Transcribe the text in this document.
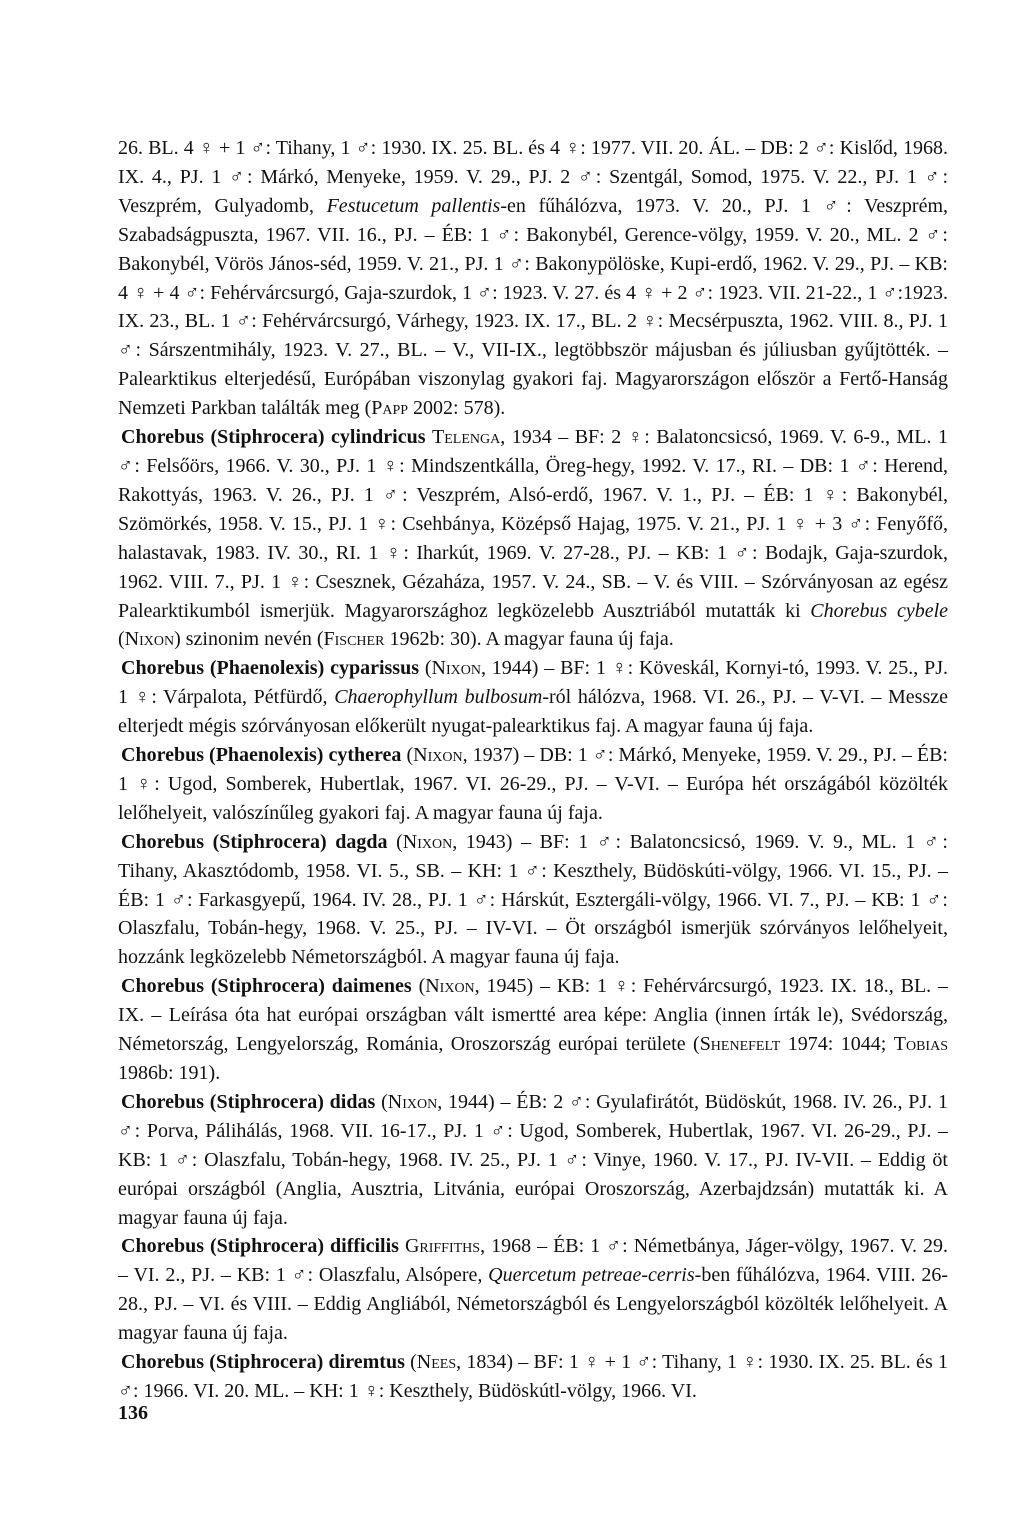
26. BL. 4 ♀ + 1 ♂: Tihany, 1 ♂: 1930. IX. 25. BL. és 4 ♀: 1977. VII. 20. ÁL. – DB: 2 ♂: Kislőd, 1968. IX. 4., PJ. 1 ♂: Márkó, Menyeke, 1959. V. 29., PJ. 2 ♂: Szentgál, Somod, 1975. V. 22., PJ. 1 ♂: Veszprém, Gulyadomb, Festucetum pallentis-en fűhálózva, 1973. V. 20., PJ. 1 ♂: Veszprém, Szabadságpuszta, 1967. VII. 16., PJ. – ÉB: 1 ♂: Bakonybél, Gerence-völgy, 1959. V. 20., ML. 2 ♂: Bakonybél, Vörös János-séd, 1959. V. 21., PJ. 1 ♂: Bakonypölöske, Kupi-erdő, 1962. V. 29., PJ. – KB: 4 ♀ + 4 ♂: Fehérvárcsurgó, Gaja-szurdok, 1 ♂: 1923. V. 27. és 4 ♀ + 2 ♂: 1923. VII. 21-22., 1 ♂:1923. IX. 23., BL. 1 ♂: Fehérvárcsurgó, Várhegy, 1923. IX. 17., BL. 2 ♀: Mecsérpuszta, 1962. VIII. 8., PJ. 1 ♂: Sárszentmihály, 1923. V. 27., BL. – V., VII-IX., legtöbbször májusban és júliusban gyűjtötték. – Palearktikus elterjedésű, Európában viszonylag gyakori faj. Magyarországon először a Fertő-Hanság Nemzeti Parkban találták meg (Papp 2002: 578).

Chorebus (Stiphrocera) cylindricus Telenga, 1934 – BF: 2 ♀: Balatoncsicsó, 1969. V. 6-9., ML. 1 ♂: Felsőörs, 1966. V. 30., PJ. 1 ♀: Mindszentkálla, Öreg-hegy, 1992. V. 17., RI. – DB: 1 ♂: Herend, Rakottyás, 1963. V. 26., PJ. 1 ♂: Veszprém, Alsó-erdő, 1967. V. 1., PJ. – ÉB: 1 ♀: Bakonybél, Szömörkés, 1958. V. 15., PJ. 1 ♀: Csehbánya, Középső Hajag, 1975. V. 21., PJ. 1 ♀ + 3 ♂: Fenyőfő, halastavak, 1983. IV. 30., RI. 1 ♀: Iharkút, 1969. V. 27-28., PJ. – KB: 1 ♂: Bodajk, Gaja-szurdok, 1962. VIII. 7., PJ. 1 ♀: Csesznek, Gézaháza, 1957. V. 24., SB. – V. és VIII. – Szórványosan az egész Palearktikumból ismerjük. Magyarországhoz legközelebb Ausztriából mutatták ki Chorebus cybele (Nixon) szinonim nevén (Fischer 1962b: 30). A magyar fauna új faja.

Chorebus (Phaenolexis) cyparissus (Nixon, 1944) – BF: 1 ♀: Köveskál, Kornyi-tó, 1993. V. 25., PJ. 1 ♀: Várpalota, Pétfürdő, Chaerophyllum bulbosum-ról hálózva, 1968. VI. 26., PJ. – V-VI. – Messze elterjedt mégis szórványosan előkerült nyugat-palearktikus faj. A magyar fauna új faja.

Chorebus (Phaenolexis) cytherea (Nixon, 1937) – DB: 1 ♂: Márkó, Menyeke, 1959. V. 29., PJ. – ÉB: 1 ♀: Ugod, Somberek, Hubertlak, 1967. VI. 26-29., PJ. – V-VI. – Európa hét országából közölték lelőhelyeit, valószínűleg gyakori faj. A magyar fauna új faja.

Chorebus (Stiphrocera) dagda (Nixon, 1943) – BF: 1 ♂: Balatoncsicsó, 1969. V. 9., ML. 1 ♂: Tihany, Akasztódomb, 1958. VI. 5., SB. – KH: 1 ♂: Keszthely, Büdöskúti-völgy, 1966. VI. 15., PJ. – ÉB: 1 ♂: Farkasgyepű, 1964. IV. 28., PJ. 1 ♂: Hárskút, Esztergáli-völgy, 1966. VI. 7., PJ. – KB: 1 ♂: Olaszfalu, Tobán-hegy, 1968. V. 25., PJ. – IV-VI. – Öt országból ismerjük szórványos lelőhelyeit, hozzánk legközelebb Németországból. A magyar fauna új faja.

Chorebus (Stiphrocera) daimenes (Nixon, 1945) – KB: 1 ♀: Fehérvárcsurgó, 1923. IX. 18., BL. – IX. – Leírása óta hat európai országban vált ismertté area képe: Anglia (innen írták le), Svédország, Németország, Lengyelország, Románia, Oroszország európai területe (Shenefelt 1974: 1044; Tobias 1986b: 191).

Chorebus (Stiphrocera) didas (Nixon, 1944) – ÉB: 2 ♂: Gyulafirátót, Büdöskút, 1968. IV. 26., PJ. 1 ♂: Porva, Pálihálás, 1968. VII. 16-17., PJ. 1 ♂: Ugod, Somberek, Hubertlak, 1967. VI. 26-29., PJ. – KB: 1 ♂: Olaszfalu, Tobán-hegy, 1968. IV. 25., PJ. 1 ♂: Vinye, 1960. V. 17., PJ. IV-VII. – Eddig öt európai országból (Anglia, Ausztria, Litvánia, európai Oroszország, Azerbajdzsán) mutatták ki. A magyar fauna új faja.

Chorebus (Stiphrocera) difficilis Griffiths, 1968 – ÉB: 1 ♂: Németbánya, Jáger-völgy, 1967. V. 29. – VI. 2., PJ. – KB: 1 ♂: Olaszfalu, Alsópere, Quercetum petreae-cerris-ben fűhálózva, 1964. VIII. 26-28., PJ. – VI. és VIII. – Eddig Angliából, Németországból és Lengyelországból közölték lelőhelyeit. A magyar fauna új faja.

Chorebus (Stiphrocera) diremtus (Nees, 1834) – BF: 1 ♀ + 1 ♂: Tihany, 1 ♀: 1930. IX. 25. BL. és 1 ♂: 1966. VI. 20. ML. – KH: 1 ♀: Keszthely, Büdöskútl-völgy, 1966. VI.

136
